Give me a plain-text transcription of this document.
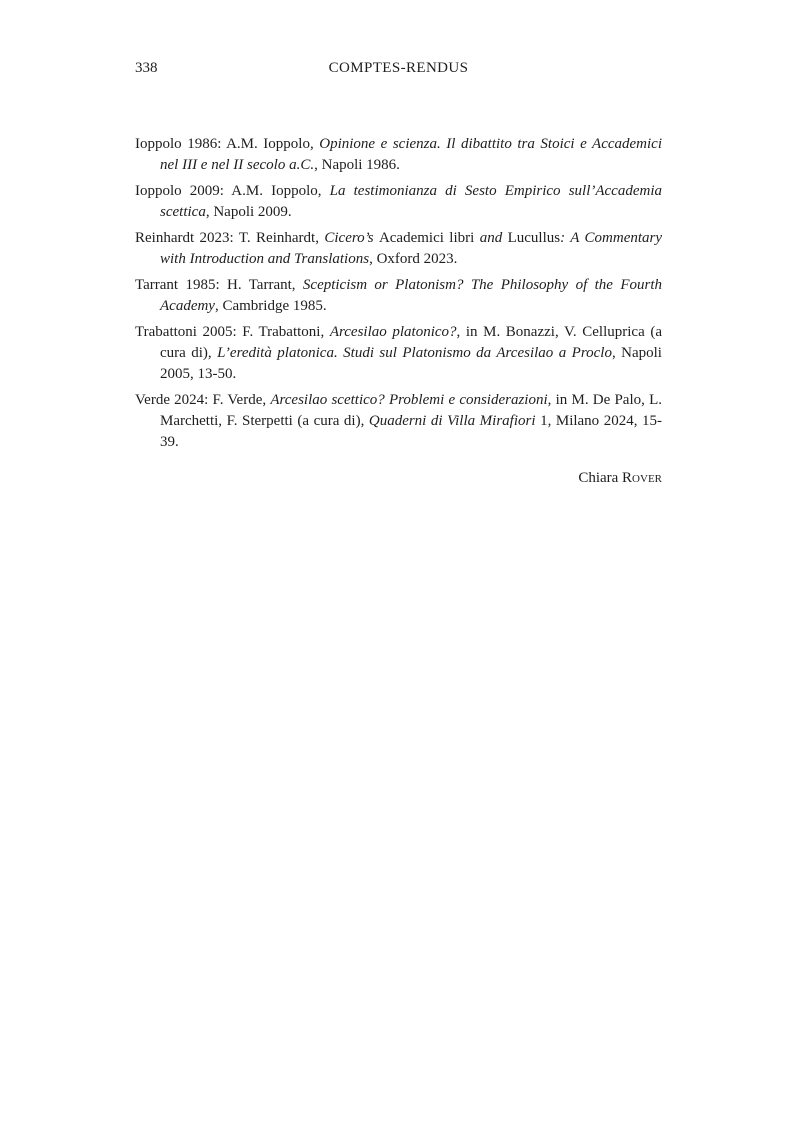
338	COMPTES-RENDUS
Ioppolo 1986: A.M. Ioppolo, Opinione e scienza. Il dibattito tra Stoici e Accademici nel III e nel II secolo a.C., Napoli 1986.
Ioppolo 2009: A.M. Ioppolo, La testimonianza di Sesto Empirico sull’Accademia scettica, Napoli 2009.
Reinhardt 2023: T. Reinhardt, Cicero’s Academici libri and Lucullus: A Commentary with Introduction and Translations, Oxford 2023.
Tarrant 1985: H. Tarrant, Scepticism or Platonism? The Philosophy of the Fourth Academy, Cambridge 1985.
Trabattoni 2005: F. Trabattoni, Arcesilao platonico?, in M. Bonazzi, V. Celluprica (a cura di), L’eredità platonica. Studi sul Platonismo da Arcesilao a Proclo, Napoli 2005, 13-50.
Verde 2024: F. Verde, Arcesilao scettico? Problemi e considerazioni, in M. De Palo, L. Marchetti, F. Sterpetti (a cura di), Quaderni di Villa Mirafiori 1, Milano 2024, 15-39.
Chiara Rover
